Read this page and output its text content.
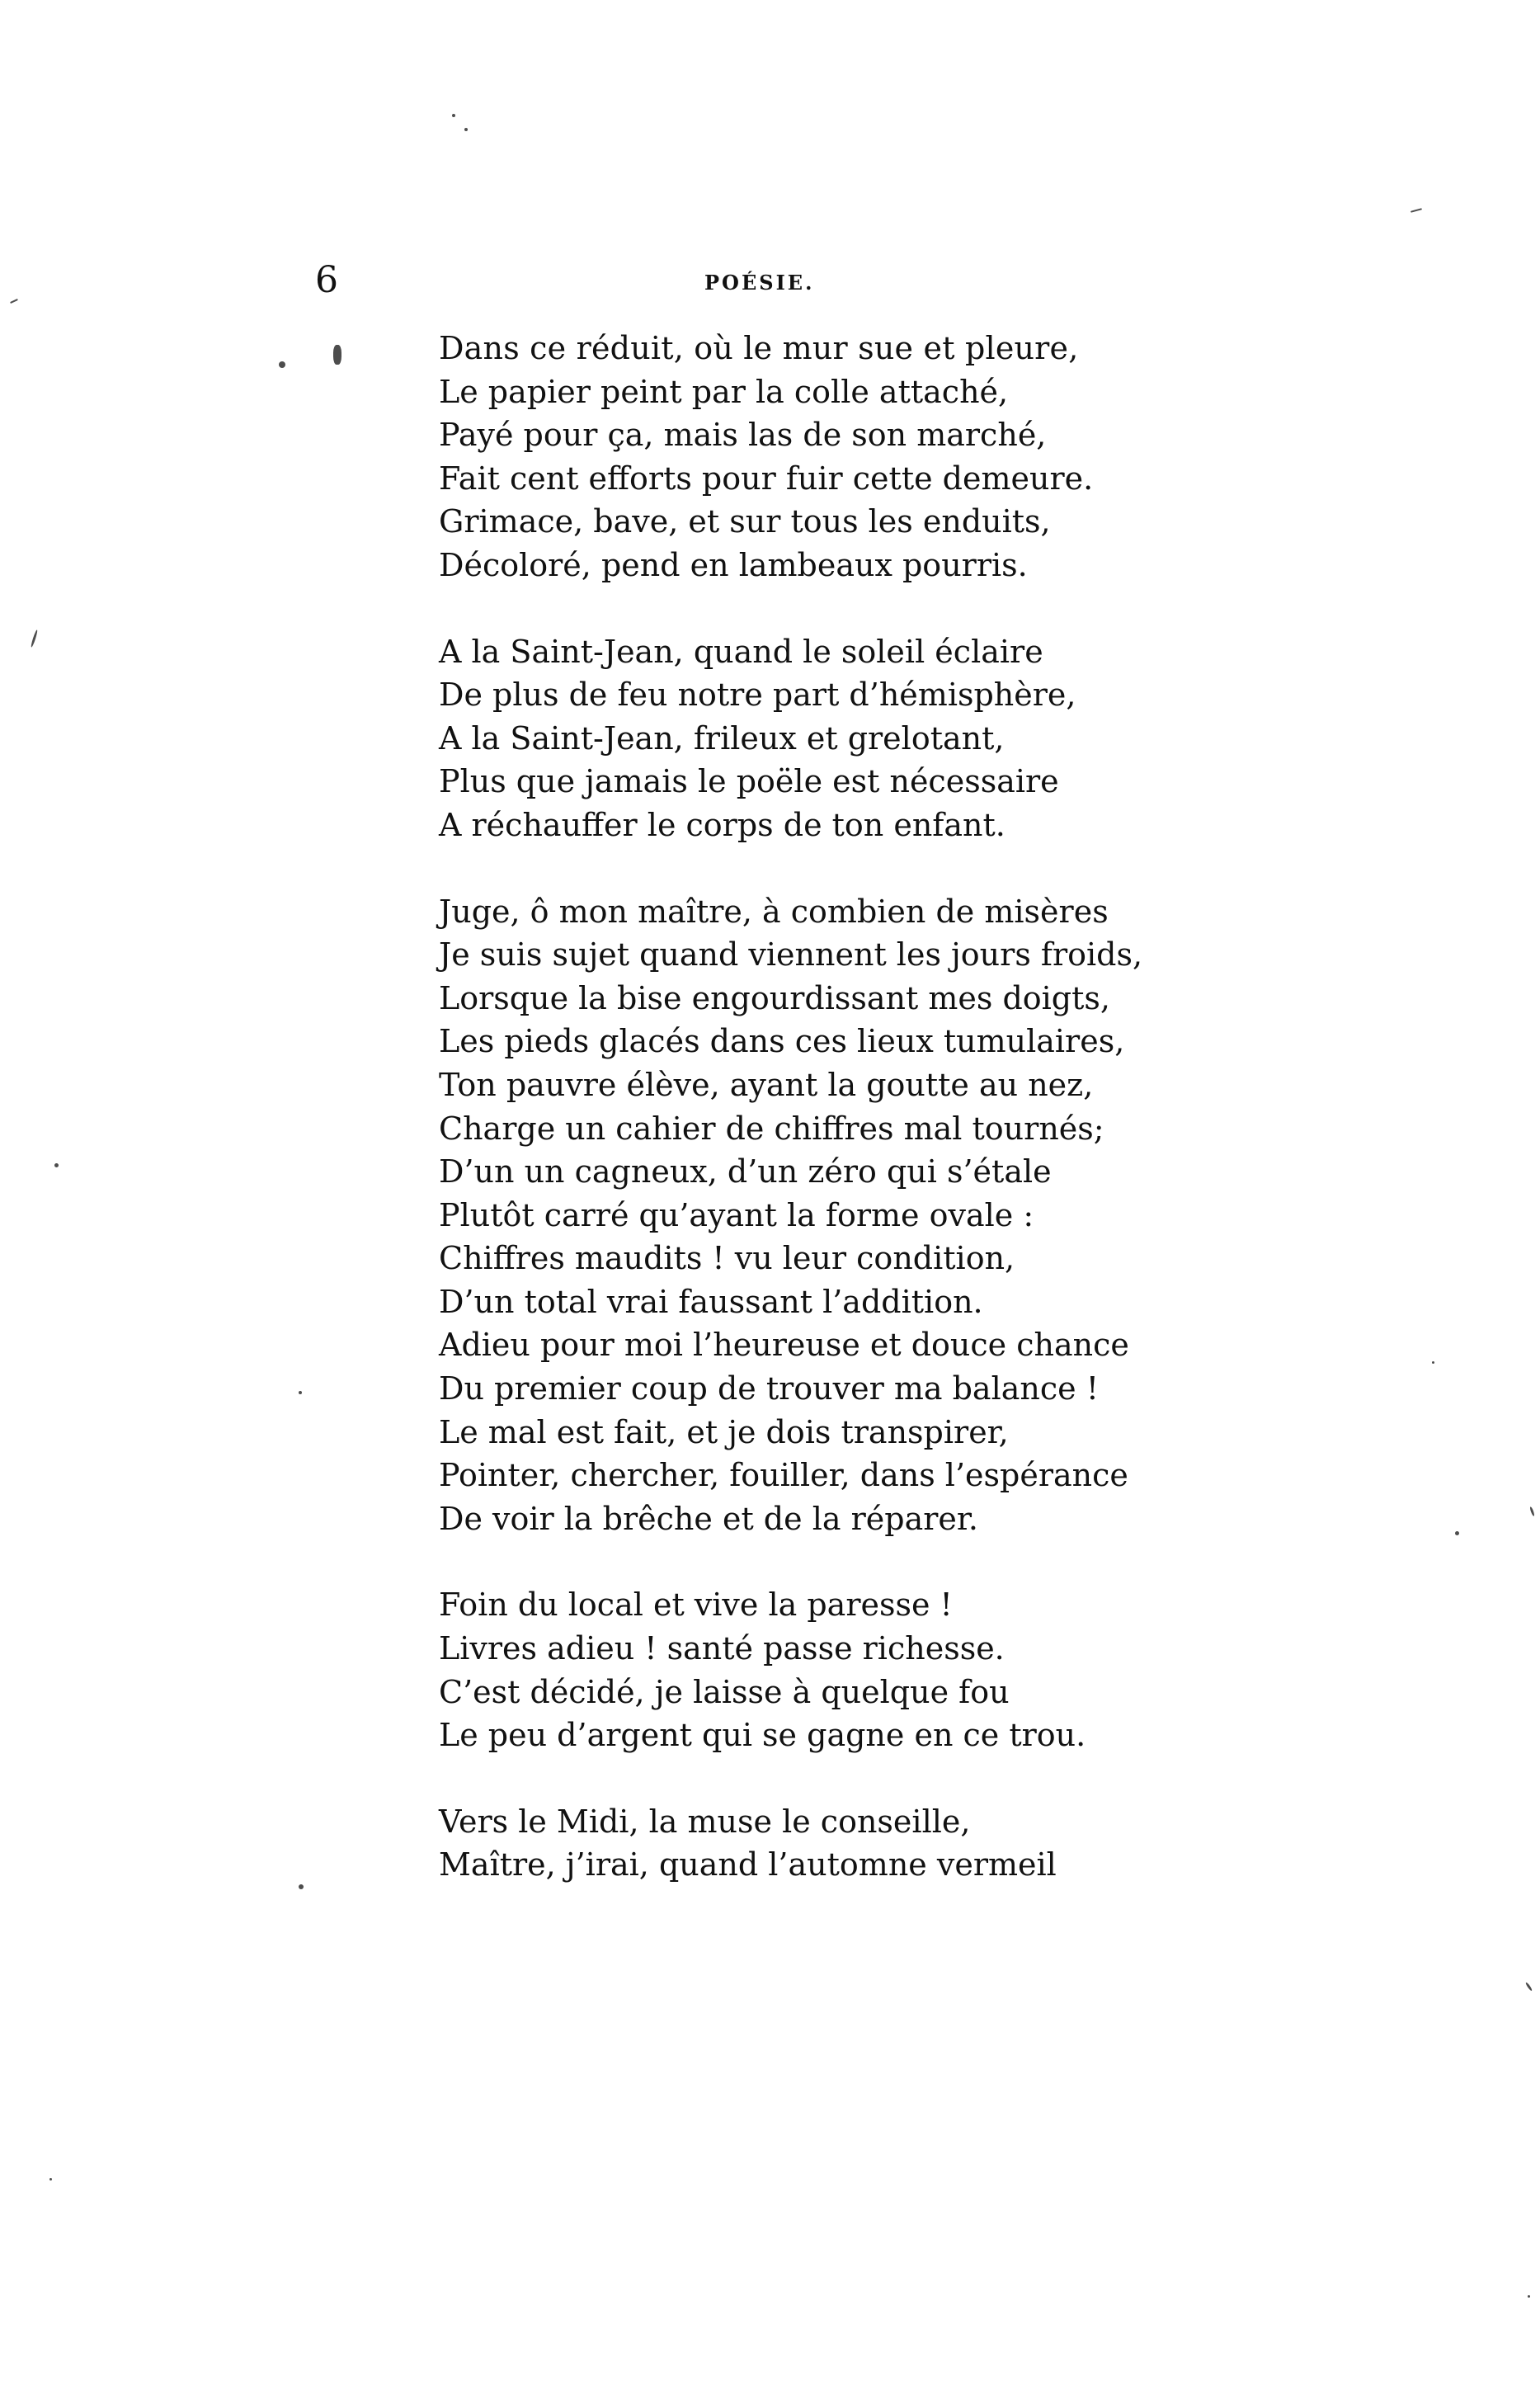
6	POÉSIE.
Dans ce réduit, où le mur sue et pleure,
Le papier peint par la colle attaché,
Payé pour ça, mais las de son marché,
Fait cent efforts pour fuir cette demeure.
Grimace, bave, et sur tous les enduits,
Décoloré, pend en lambeaux pourris.
A la Saint-Jean, quand le soleil éclaire
De plus de feu notre part d’hémisphère,
A la Saint-Jean, frileux et grelotant,
Plus que jamais le poële est nécessaire
A réchauffer le corps de ton enfant.
Juge, ô mon maître, à combien de misères
Je suis sujet quand viennent les jours froids,
Lorsque la bise engourdissant mes doigts,
Les pieds glacés dans ces lieux tumulaires,
Ton pauvre élève, ayant la goutte au nez,
Charge un cahier de chiffres mal tournés;
D’un un cagneux, d’un zéro qui s’étale
Plutôt carré qu’ayant la forme ovale :
Chiffres maudits ! vu leur condition,
D’un total vrai faussant l’addition.
Adieu pour moi l’heureuse et douce chance
Du premier coup de trouver ma balance !
Le mal est fait, et je dois transpirer,
Pointer, chercher, fouiller, dans l’espérance
De voir la brêche et de la réparer.
Foin du local et vive la paresse !
Livres adieu ! santé passe richesse.
C’est décidé, je laisse à quelque fou
Le peu d’argent qui se gagne en ce trou.
Vers le Midi, la muse le conseille,
Maître, j’irai, quand l’automne vermeil
